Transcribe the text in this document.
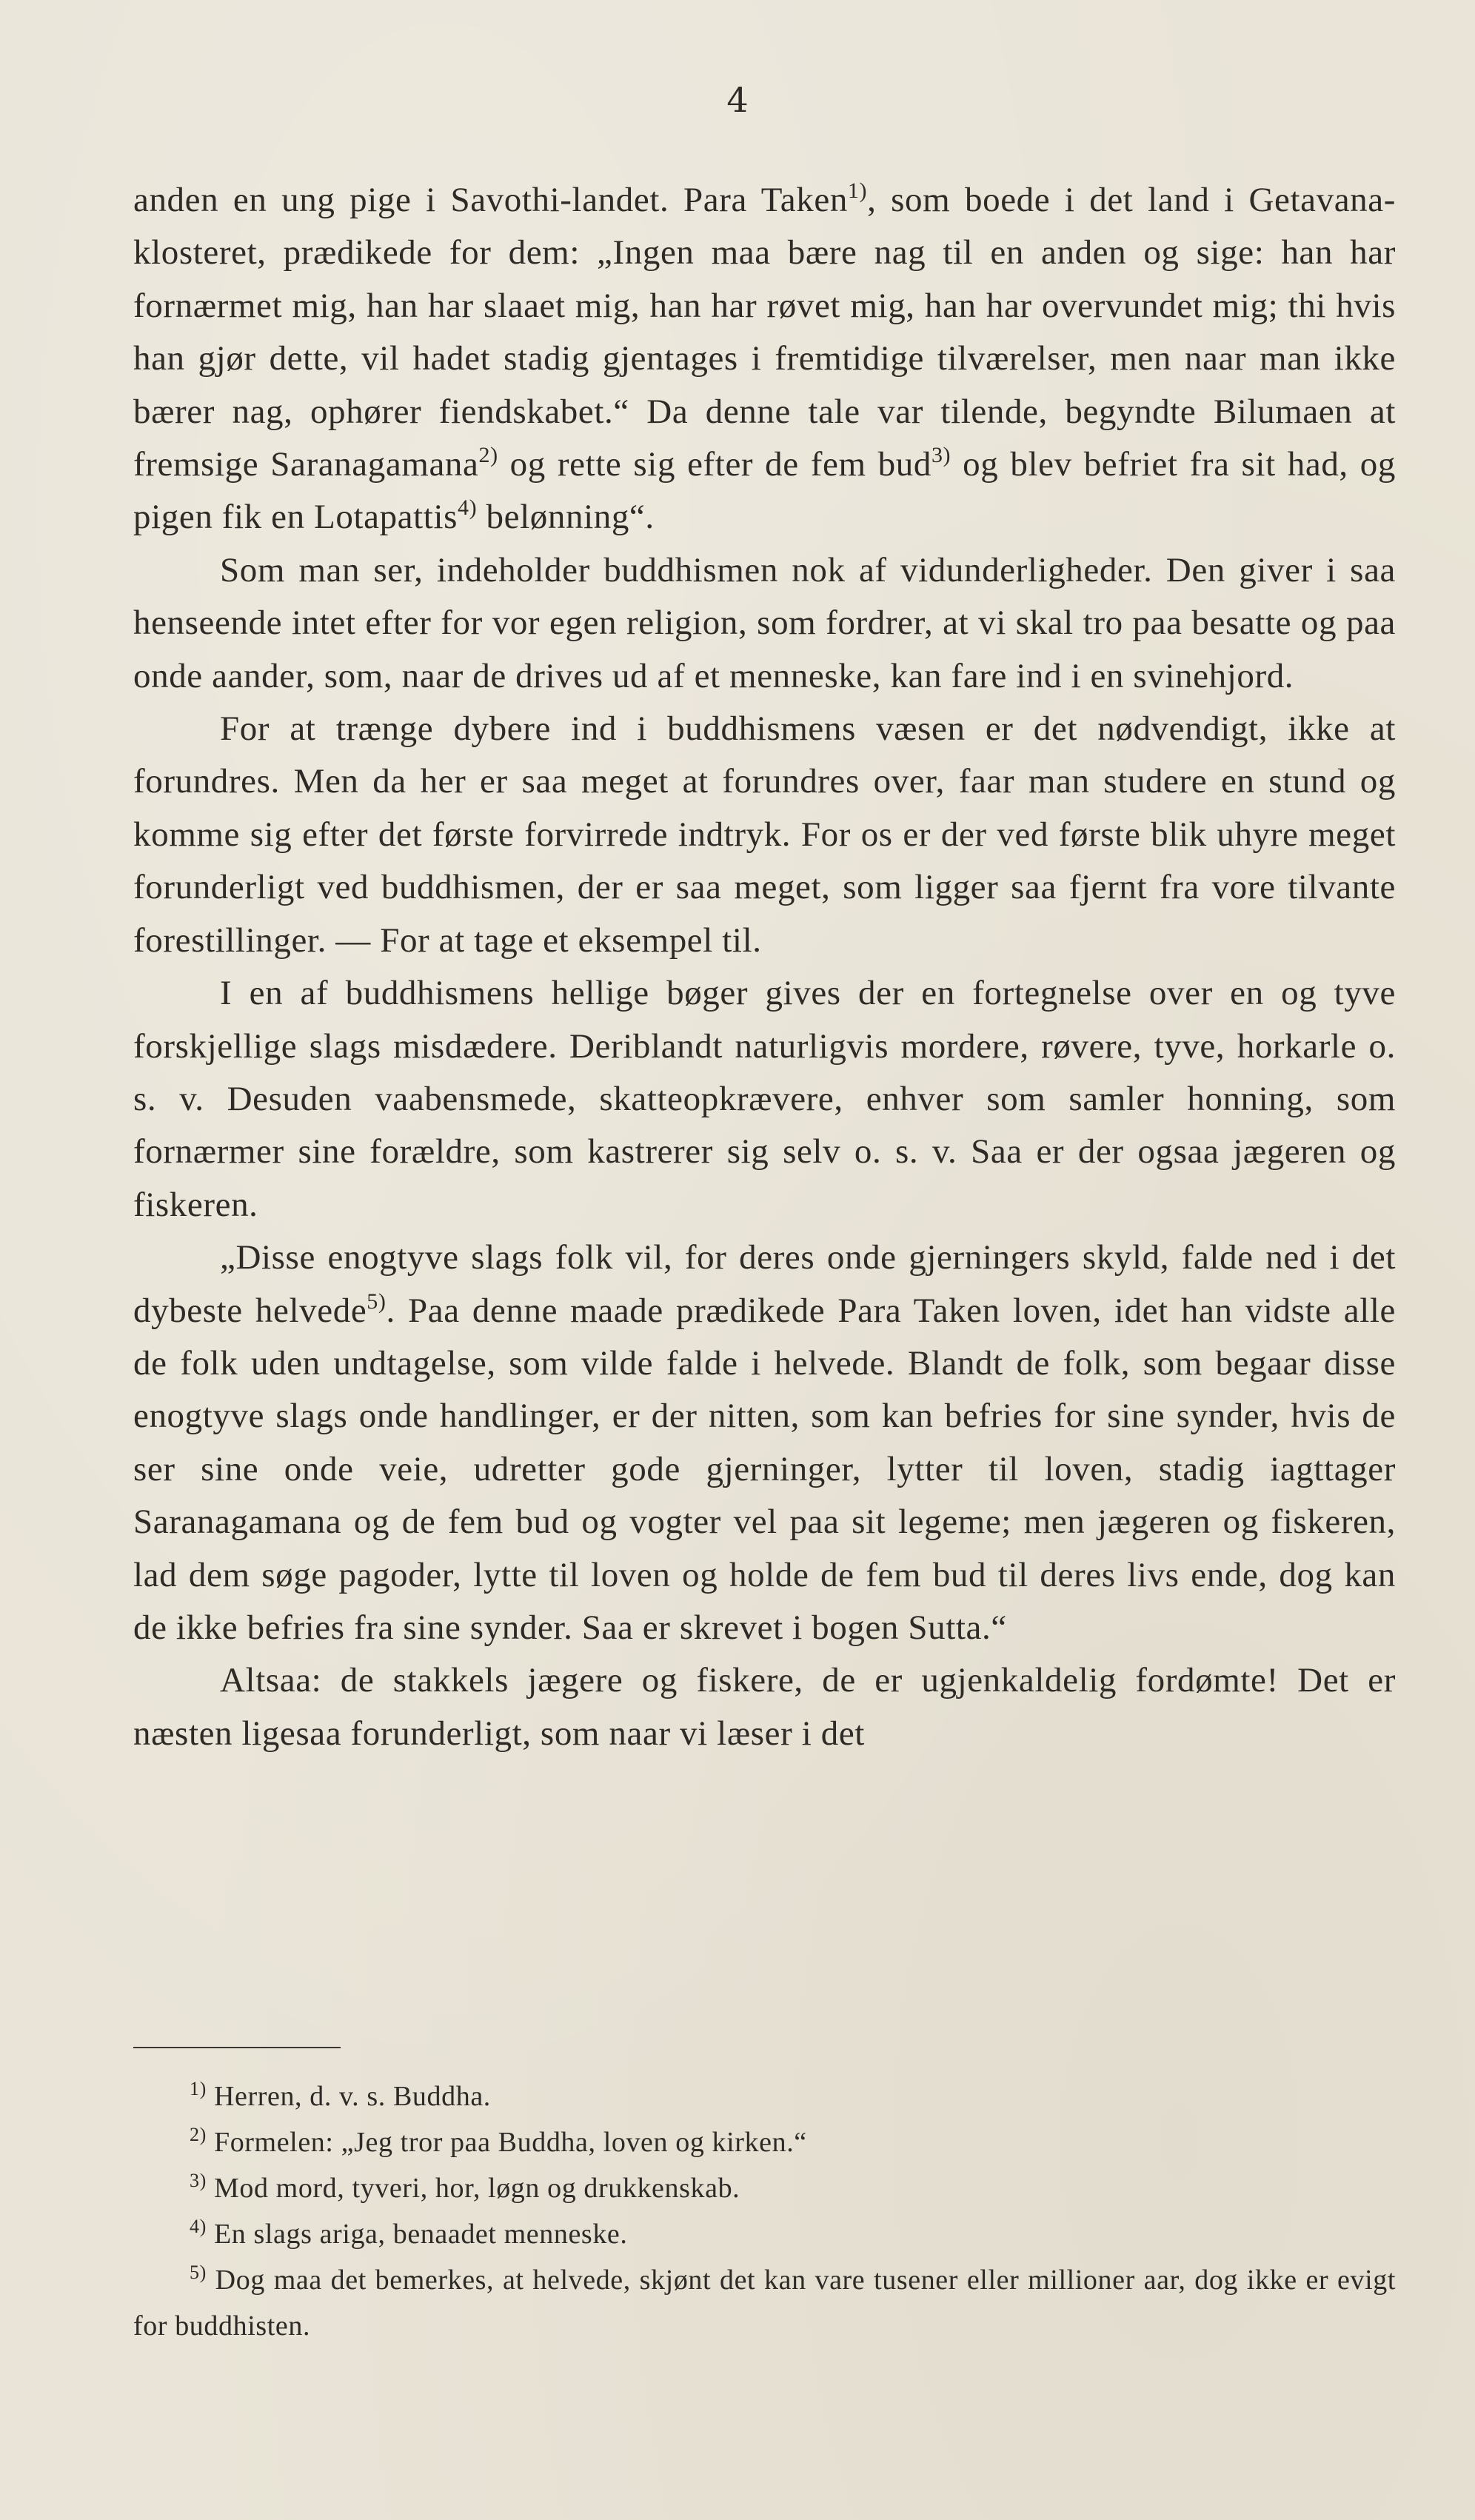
4

anden en ung pige i Savothi-landet. Para Taken$^{1)}$, som boede i det land i Getavana-klosteret, prædikede for dem: „Ingen maa bære nag til en anden og sige: han har fornærmet mig, han har slaaet mig, han har røvet mig, han har overvundet mig; thi hvis han gjør dette, vil hadet stadig gjentages i fremtidige tilværelser, men naar man ikke bærer nag, ophører fiendskabet.“ Da denne tale var tilende, begyndte Bilumaen at fremsige Saranagamana$^{2)}$ og rette sig efter de fem bud$^{3)}$ og blev befriet fra sit had, og pigen fik en Lotapattis$^{4)}$ belønning“.

Som man ser, indeholder buddhismen nok af vidunderligheder. Den giver i saa henseende intet efter for vor egen religion, som fordrer, at vi skal tro paa besatte og paa onde aander, som, naar de drives ud af et menneske, kan fare ind i en svinehjord.

For at trænge dybere ind i buddhismens væsen er det nødvendigt, ikke at forundres. Men da her er saa meget at forundres over, faar man studere en stund og komme sig efter det første forvirrede indtryk. For os er der ved første blik uhyre meget forunderligt ved buddhismen, der er saa meget, som ligger saa fjernt fra vore tilvante forestillinger. — For at tage et eksempel til.

I en af buddhismens hellige bøger gives der en fortegnelse over en og tyve forskjellige slags misdædere. Deriblandt naturligvis mordere, røvere, tyve, horkarle o. s. v. Desuden vaabensmede, skatteopkrævere, enhver som samler honning, som fornærmer sine forældre, som kastrerer sig selv o. s. v. Saa er der ogsaa jægeren og fiskeren.

„Disse enogtyve slags folk vil, for deres onde gjerningers skyld, falde ned i det dybeste helvede$^{5)}$. Paa denne maade prædikede Para Taken loven, idet han vidste alle de folk uden undtagelse, som vilde falde i helvede. Blandt de folk, som begaar disse enogtyve slags onde handlinger, er der nitten, som kan befries for sine synder, hvis de ser sine onde veie, udretter gode gjerninger, lytter til loven, stadig iagttager Saranagamana og de fem bud og vogter vel paa sit legeme; men jægeren og fiskeren, lad dem søge pagoder, lytte til loven og holde de fem bud til deres livs ende, dog kan de ikke befries fra sine synder. Saa er skrevet i bogen Sutta.“

Altsaa: de stakkels jægere og fiskere, de er ugjenkaldelig fordømte! Det er næsten ligesaa forunderligt, som naar vi læser i det

$^{1)}$ Herren, d. v. s. Buddha.

$^{2)}$ Formelen: „Jeg tror paa Buddha, loven og kirken.“

$^{3)}$ Mod mord, tyveri, hor, løgn og drukkenskab.

$^{4)}$ En slags ariga, benaadet menneske.

$^{5)}$ Dog maa det bemerkes, at helvede, skjønt det kan vare tusener eller millioner aar, dog ikke er evigt for buddhisten.
